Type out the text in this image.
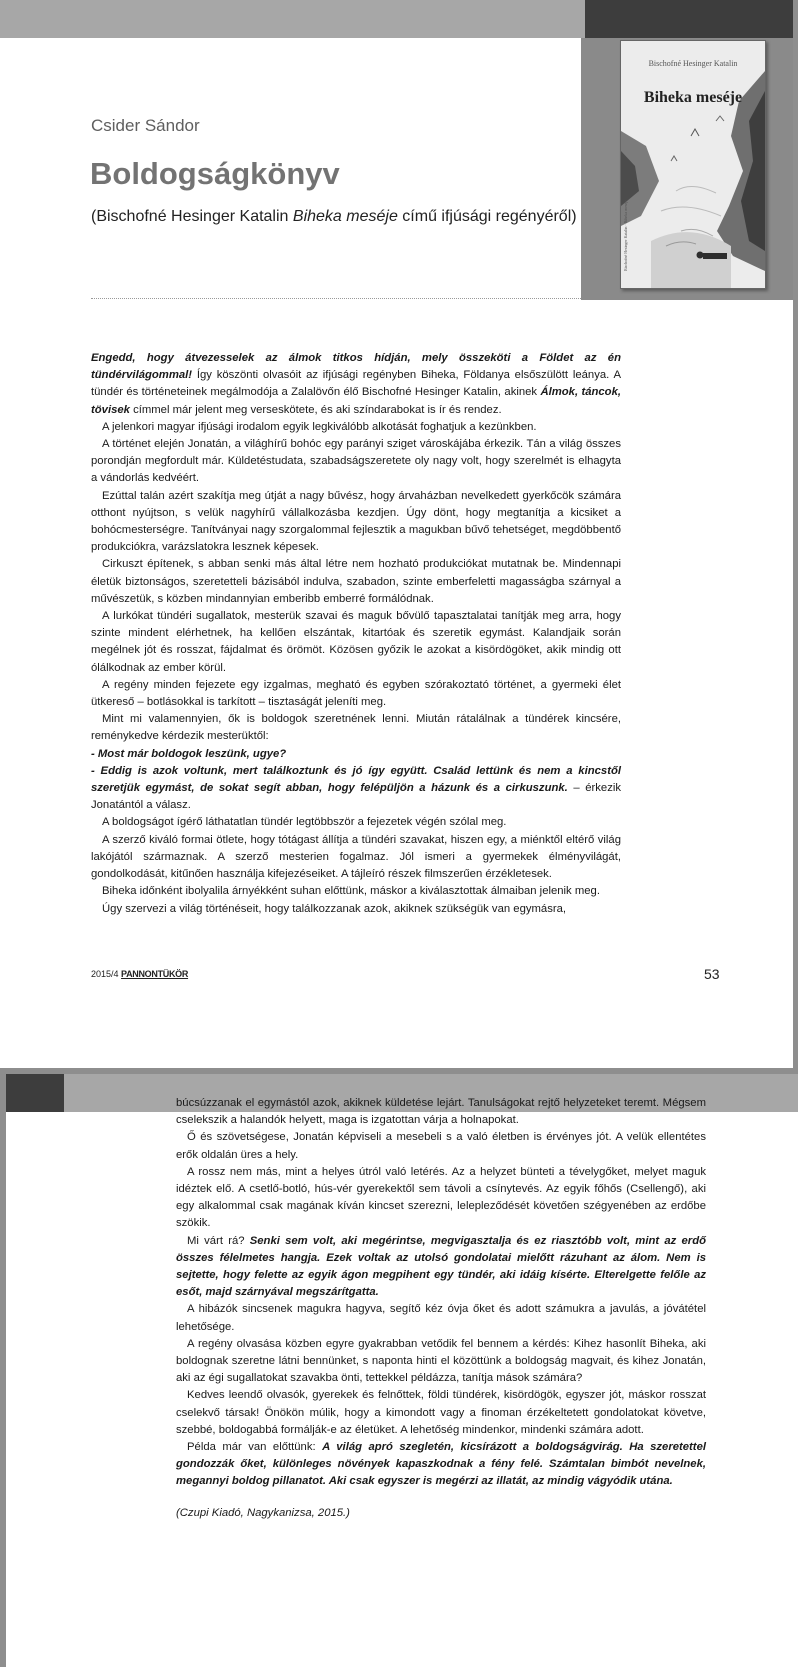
Bischofné Hesinger Katalin
Biheka meséje
Bischofné Hesinger Katalin · Biheka meséje
Csider Sándor
Boldogságkönyv
(Bischofné Hesinger Katalin Biheka meséje című ifjúsági regényéről)

Engedd, hogy átvezesselek az álmok titkos hídján, mely összeköti a Földet az én tündérvilágommal! Így köszönti olvasóit az ifjúsági regényben Biheka, Földanya elsőszülött leánya. A tündér és történeteinek megálmodója a Zalalövőn élő Bischofné Hesinger Katalin, akinek Álmok, táncok, tövisek címmel már jelent meg verseskötete, és aki színdarabokat is ír és rendez.

A jelenkori magyar ifjúsági irodalom egyik legkiválóbb alkotását foghatjuk a kezünkben.

A történet elején Jonatán, a világhírű bohóc egy parányi sziget városkájába érkezik. Tán a világ összes porondján megfordult már. Küldetéstudata, szabadságszeretete oly nagy volt, hogy szerelmét is elhagyta a vándorlás kedvéért.

Ezúttal talán azért szakítja meg útját a nagy bűvész, hogy árvaházban nevelkedett gyerkőcök számára otthont nyújtson, s velük nagyhírű vállalkozásba kezdjen. Úgy dönt, hogy megtanítja a kicsiket a bohócmesterségre. Tanítványai nagy szorgalommal fejlesztik a magukban bűvő tehetséget, megdöbbentő produkciókra, varázslatokra lesznek képesek.

Cirkuszt építenek, s abban senki más által létre nem hozható produkciókat mutatnak be. Mindennapi életük biztonságos, szeretetteli bázisából indulva, szabadon, szinte emberfeletti magasságba szárnyal a művészetük, s közben mindannyian emberibb emberré formálódnak.

A lurkókat tündéri sugallatok, mesterük szavai és maguk bővülő tapasztalatai tanítják meg arra, hogy szinte mindent elérhetnek, ha kellően elszántak, kitartóak és szeretik egymást. Kalandjaik során megélnek jót és rosszat, fájdalmat és örömöt. Közösen győzik le azokat a kisördögöket, akik mindig ott ólálkodnak az ember körül.

A regény minden fejezete egy izgalmas, megható és egyben szórakoztató történet, a gyermeki élet ütkereső – botlásokkal is tarkított – tisztaságát jeleníti meg.

Mint mi valamennyien, ők is boldogok szeretnének lenni. Miután rátalálnak a tündérek kincsére, reménykedve kérdezik mesterüktől:

- Most már boldogok leszünk, ugye?

- Eddig is azok voltunk, mert találkoztunk és jó így együtt. Család lettünk és nem a kincstől szeretjük egymást, de sokat segít abban, hogy felépüljön a házunk és a cirkuszunk. – érkezik Jonatántól a válasz.

A boldogságot ígérő láthatatlan tündér legtöbbször a fejezetek végén szólal meg.

A szerző kiváló formai ötlete, hogy tótágast állítja a tündéri szavakat, hiszen egy, a miénktől eltérő világ lakójától származnak. A szerző mesterien fogalmaz. Jól ismeri a gyermekek élményvilágát, gondolkodását, kitűnően használja kifejezéseiket. A tájleíró részek filmszerűen érzékletesek.

Biheka időnként ibolyalila árnyékként suhan előttünk, máskor a kiválasztottak álmaiban jelenik meg.

Úgy szervezi a világ történéseit, hogy találkozzanak azok, akiknek szükségük van egymásra,

2015/4 PANNONTÜKÖR	53

búcsúzzanak el egymástól azok, akiknek küldetése lejárt. Tanulságokat rejtő helyzeteket teremt. Mégsem cselekszik a halandók helyett, maga is izgatottan várja a holnapokat.

Ő és szövetségese, Jonatán képviseli a mesebeli s a való életben is érvényes jót. A velük ellentétes erők oldalán üres a hely.

A rossz nem más, mint a helyes útról való letérés. Az a helyzet bünteti a tévelygőket, melyet maguk idéztek elő. A csetlő-botló, hús-vér gyerekektől sem távoli a csínytevés. Az egyik főhős (Csellengő), aki egy alkalommal csak magának kíván kincset szerezni, lelepleződését követően szégyenében az erdőbe szökik.

Mi várt rá? Senki sem volt, aki megérintse, megvigasztalja és ez riasztóbb volt, mint az erdő összes félelmetes hangja. Ezek voltak az utolsó gondolatai mielőtt rázuhant az álom. Nem is sejtette, hogy felette az egyik ágon megpihent egy tündér, aki idáig kísérte. Elterelgette felőle az esőt, majd szárnyával megszárítgatta.

A hibázók sincsenek magukra hagyva, segítő kéz óvja őket és adott számukra a javulás, a jóvátétel lehetősége.

A regény olvasása közben egyre gyakrabban vetődik fel bennem a kérdés: Kihez hasonlít Biheka, aki boldognak szeretne látni bennünket, s naponta hinti el közöttünk a boldogság magvait, és kihez Jonatán, aki az égi sugallatokat szavakba önti, tettekkel példázza, tanítja mások számára?

Kedves leendő olvasók, gyerekek és felnőttek, földi tündérek, kisördögök, egyszer jót, máskor rosszat cselekvő társak! Önökön múlik, hogy a kimondott vagy a finoman érzékeltetett gondolatokat követve, szebbé, boldogabbá formálják-e az életüket. A lehetőség mindenkor, mindenki számára adott.

Példa már van előttünk: A világ apró szegletén, kicsírázott a boldogságvirág. Ha szeretettel gondozzák őket, különleges növények kapaszkodnak a fény felé. Számtalan bimbót nevelnek, megannyi boldog pillanatot. Aki csak egyszer is megérzi az illatát, az mindig vágyódik utána.

(Czupi Kiadó, Nagykanizsa, 2015.)
